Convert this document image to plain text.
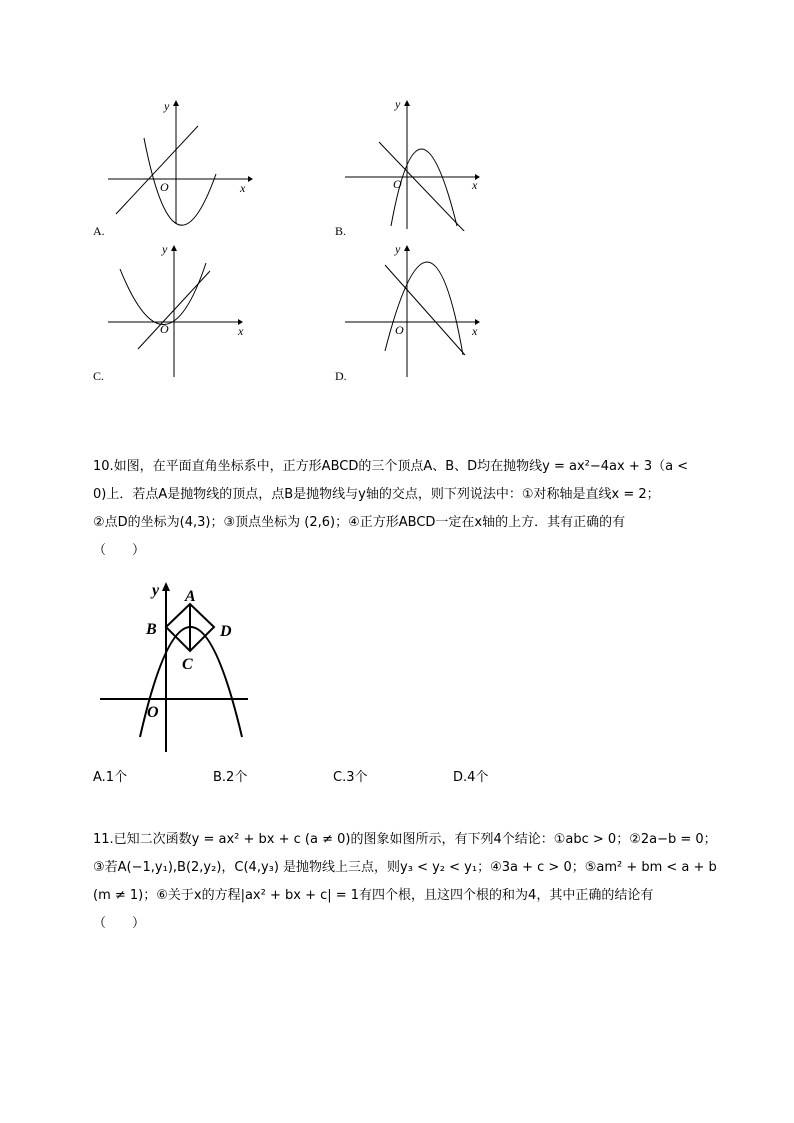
y
x
O
A.
y
x
O
B.
y
x
O
C.
y
x
O
D.
10.如图，在平面直角坐标系中，正方形ABCD的三个顶点A、B、D均在抛物线y = ax²−4ax + 3（a <
0)上．若点A是抛物线的顶点，点B是抛物线与y轴的交点，则下列说法中：①对称轴是直线x = 2；
②点D的坐标为(4,3)；③顶点坐标为 (2,6)；④正方形ABCD一定在x轴的上方．其有正确的有
（　　）
y A
B
C
D
O
A.1个	B.2个	C.3个	D.4个
11.已知二次函数y = ax² + bx + c (a ≠ 0)的图象如图所示，有下列4个结论：①abc > 0；②2a−b = 0；
③若A(−1,y₁),B(2,y₂)，C(4,y₃) 是抛物线上三点，则y₃ < y₂ < y₁；④3a + c > 0；⑤am² + bm < a + b
(m ≠ 1)；⑥关于x的方程|ax² + bx + c| = 1有四个根，且这四个根的和为4，其中正确的结论有
（　　）
